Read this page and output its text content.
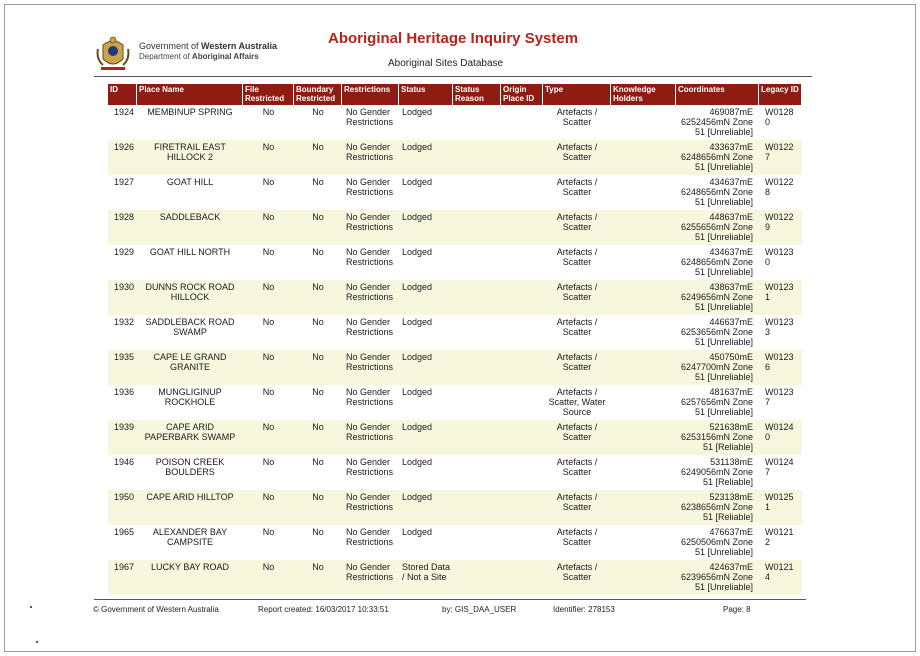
Government of Western Australia
Department of Aboriginal Affairs
Aboriginal Heritage Inquiry System
Aboriginal Sites Database
ID	Place Name	File Restricted	Boundary Restricted	Restrictions	Status	Status Reason	Origin Place ID	Type	Knowledge Holders	Coordinates	Legacy ID
1924	MEMBINUP SPRING	No	No	No Gender Restrictions	Lodged			Artefacts / Scatter		469087mE 6252456mN Zone 51 [Unreliable]	W0128 0
1926	FIRETRAIL EAST HILLOCK 2	No	No	No Gender Restrictions	Lodged			Artefacts / Scatter		433637mE 6248656mN Zone 51 [Unreliable]	W0122 7
1927	GOAT HILL	No	No	No Gender Restrictions	Lodged			Artefacts / Scatter		434637mE 6248656mN Zone 51 [Unreliable]	W0122 8
1928	SADDLEBACK	No	No	No Gender Restrictions	Lodged			Artefacts / Scatter		448637mE 6255656mN Zone 51 [Unreliable]	W0122 9
1929	GOAT HILL NORTH	No	No	No Gender Restrictions	Lodged			Artefacts / Scatter		434637mE 6248656mN Zone 51 [Unreliable]	W0123 0
1930	DUNNS ROCK ROAD HILLOCK	No	No	No Gender Restrictions	Lodged			Artefacts / Scatter		438637mE 6249656mN Zone 51 [Unreliable]	W0123 1
1932	SADDLEBACK ROAD SWAMP	No	No	No Gender Restrictions	Lodged			Artefacts / Scatter		446637mE 6253656mN Zone 51 [Unreliable]	W0123 3
1935	CAPE LE GRAND GRANITE	No	No	No Gender Restrictions	Lodged			Artefacts / Scatter		450750mE 6247700mN Zone 51 [Unreliable]	W0123 6
1936	MUNGLIGINUP ROCKHOLE	No	No	No Gender Restrictions	Lodged			Artefacts / Scatter, Water Source		481637mE 6257656mN Zone 51 [Unreliable]	W0123 7
1939	CAPE ARID PAPERBARK SWAMP	No	No	No Gender Restrictions	Lodged			Artefacts / Scatter		521638mE 6253156mN Zone 51 [Reliable]	W0124 0
1946	POISON CREEK BOULDERS	No	No	No Gender Restrictions	Lodged			Artefacts / Scatter		531138mE 6249056mN Zone 51 [Reliable]	W0124 7
1950	CAPE ARID HILLTOP	No	No	No Gender Restrictions	Lodged			Artefacts / Scatter		523138mE 6238656mN Zone 51 [Reliable]	W0125 1
1965	ALEXANDER BAY CAMPSITE	No	No	No Gender Restrictions	Lodged			Artefacts / Scatter		476637mE 6250506mN Zone 51 [Unreliable]	W0121 2
1967	LUCKY BAY ROAD	No	No	No Gender Restrictions	Stored Data / Not a Site			Artefacts / Scatter		424637mE 6239656mN Zone 51 [Unreliable]	W0121 4
© Government of Western Australia	Report created: 16/03/2017 10:33:51	by: GIS_DAA_USER	Identifier: 278153	Page: 8
